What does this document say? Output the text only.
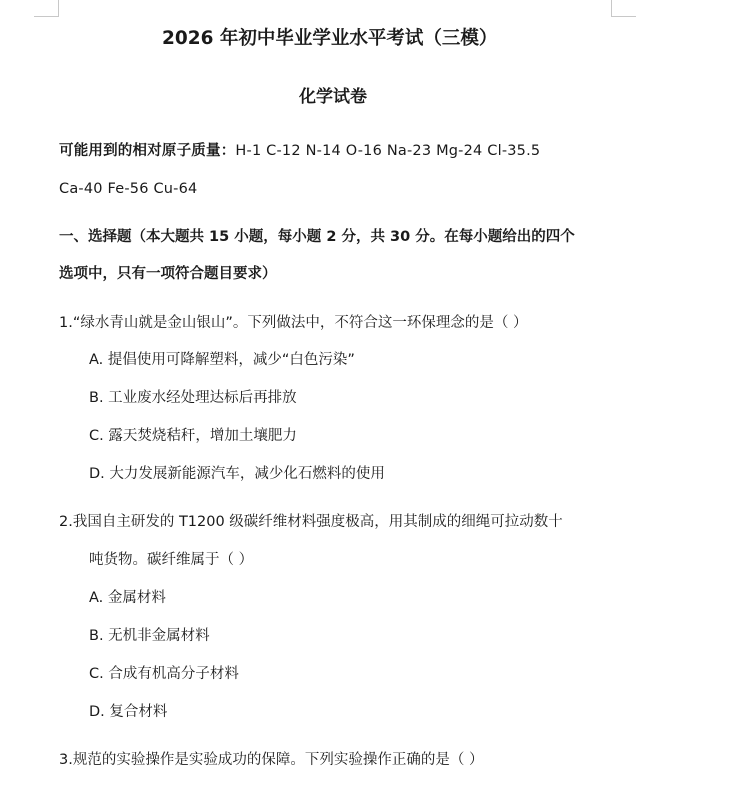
2026 年初中毕业学业水平考试（三模）
化学试卷
可能用到的相对原子质量：H-1 C-12 N-14 O-16 Na-23 Mg-24 Cl-35.5
Ca-40 Fe-56 Cu-64
一、选择题（本大题共 15 小题，每小题 2 分，共 30 分。在每小题给出的四个
选项中，只有一项符合题目要求）
1.“绿水青山就是金山银山”。下列做法中，不符合这一环保理念的是（ ）
A. 提倡使用可降解塑料，减少“白色污染”
B. 工业废水经处理达标后再排放
C. 露天焚烧秸秆，增加土壤肥力
D. 大力发展新能源汽车，减少化石燃料的使用
2.我国自主研发的 T1200 级碳纤维材料强度极高，用其制成的细绳可拉动数十
吨货物。碳纤维属于（ ）
A. 金属材料
B. 无机非金属材料
C. 合成有机高分子材料
D. 复合材料
3.规范的实验操作是实验成功的保障。下列实验操作正确的是（ ）
